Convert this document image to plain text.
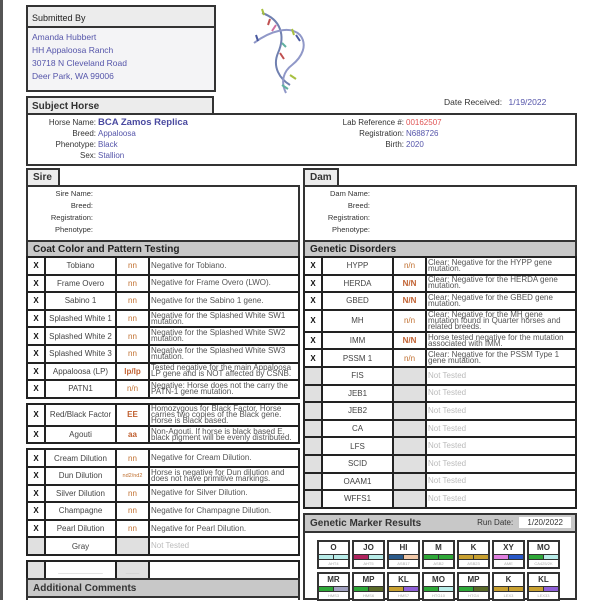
Submitted By
Amanda Hubbert
HH Appaloosa Ranch
30718 N Cleveland Road
Deer Park, WA 99006
Subject Horse	Date Received: 1/19/2022
Horse Name: BCA Zamos Replica
Breed: Appaloosa
Phenotype: Black
Sex: Stallion
Lab Reference #: 00162507
Registration: N688726
Birth: 2020
Sire
Sire Name:
Breed:
Registration:
Phenotype:
Dam
Dam Name:
Breed:
Registration:
Phenotype:
Coat Color and Pattern Testing
X	Tobiano	nn	Negative for Tobiano.
X	Frame Overo	nn	Negative for Frame Overo (LWO).
X	Sabino 1	nn	Negative for the Sabino 1 gene.
X	Splashed White 1	nn	Negative for the Splashed White SW1 mutation.
X	Splashed White 2	nn	Negative for the Splashed White SW2 mutation.
X	Splashed White 3	nn	Negative for the Splashed White SW3 mutation.
X	Appaloosa (LP)	lp/lp	Tested negative for the main Appaloosa LP gene and is NOT affected by CSNB.
X	PATN1	n/n	Negative: Horse does not the carry the PATN-1 gene mutation.
X	Red/Black Factor	EE	Homozygous for Black Factor. Horse carries two copies of the Black gene. Horse is Black based.
X	Agouti	aa	Non-Agouti. If horse is black based E, black pigment will be evenly distributed.
X	Cream Dilution	nn	Negative for Cream Dilution.
X	Dun Dilution	nd2/nd2	Horse is negative for Dun dilution and does not have primitive markings.
X	Silver Dilution	nn	Negative for Silver Dilution.
X	Champagne	nn	Negative for Champagne Dilution.
X	Pearl Dilution	nn	Negative for Pearl Dilution.
	Gray		Not Tested
	__________	___	
Genetic Disorders
X	HYPP	n/n	Clear: Negative for the HYPP gene mutation.
X	HERDA	N/N	Clear: Negative for the HERDA gene mutation.
X	GBED	N/N	Clear: Negative for the GBED gene mutation.
X	MH	n/n	Clear: Negative for the MH gene mutation found in Quarter horses and related breeds.
X	IMM	N/N	Horse tested negative for the mutation associated with IMM.
X	PSSM 1	n/n	Clear: Negative for the PSSM Type 1 gene mutation.
	FIS		Not Tested
	JEB1		Not Tested
	JEB2		Not Tested
	CA		Not Tested
	LFS		Not Tested
	SCID		Not Tested
	OAAM1		Not Tested
	WFFS1		Not Tested
Genetic Marker Results	Run Date: 1/20/2022
O
AHT4
JO
AHT5
HI
ASB17
M
ASB2
K
ASB23
XY
AME
MO
CA425/2K
MR
HMS3
MP
HMS6
KL
HMS7
MO
HTG10
MP
HTG4
K
LEX3
KL
LEX33
Additional Comments
